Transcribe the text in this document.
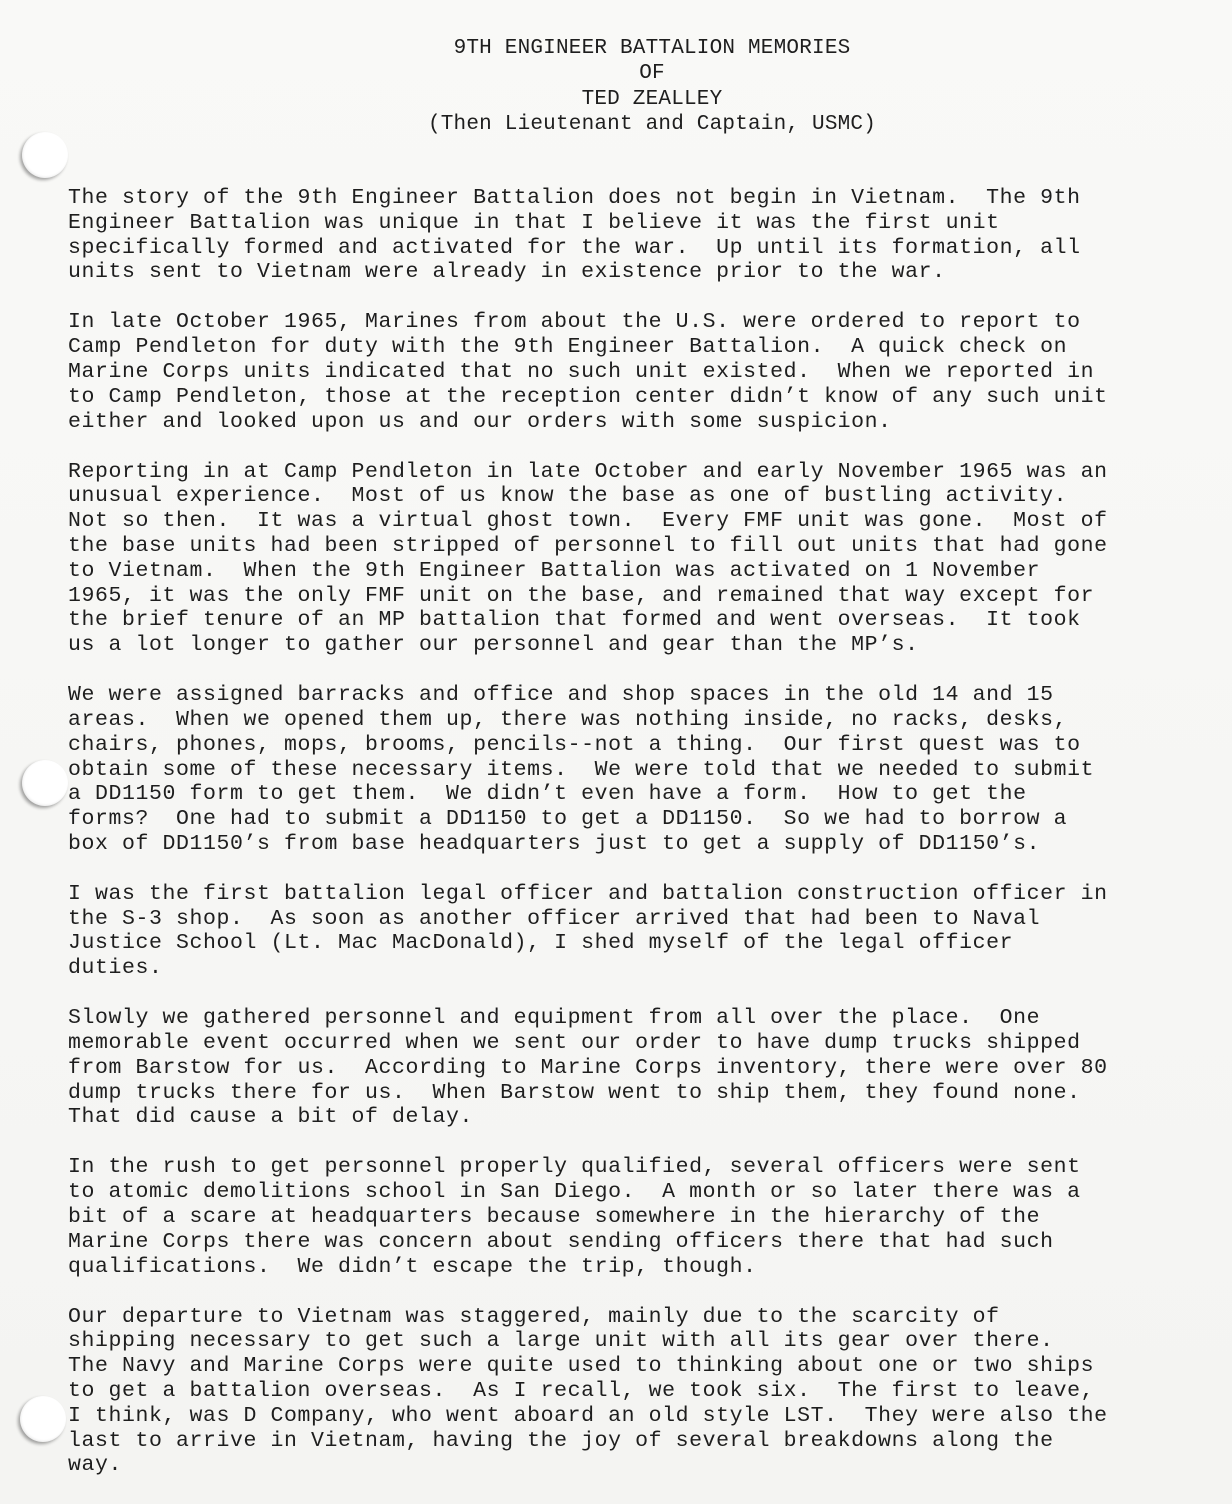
9TH ENGINEER BATTALION MEMORIES
OF
TED ZEALLEY
(Then Lieutenant and Captain, USMC)
The story of the 9th Engineer Battalion does not begin in Vietnam.  The 9th
Engineer Battalion was unique in that I believe it was the first unit
specifically formed and activated for the war.  Up until its formation, all
units sent to Vietnam were already in existence prior to the war.
In late October 1965, Marines from about the U.S. were ordered to report to
Camp Pendleton for duty with the 9th Engineer Battalion.  A quick check on
Marine Corps units indicated that no such unit existed.  When we reported in
to Camp Pendleton, those at the reception center didn’t know of any such unit
either and looked upon us and our orders with some suspicion.
Reporting in at Camp Pendleton in late October and early November 1965 was an
unusual experience.  Most of us know the base as one of bustling activity.
Not so then.  It was a virtual ghost town.  Every FMF unit was gone.  Most of
the base units had been stripped of personnel to fill out units that had gone
to Vietnam.  When the 9th Engineer Battalion was activated on 1 November
1965, it was the only FMF unit on the base, and remained that way except for
the brief tenure of an MP battalion that formed and went overseas.  It took
us a lot longer to gather our personnel and gear than the MP’s.
We were assigned barracks and office and shop spaces in the old 14 and 15
areas.  When we opened them up, there was nothing inside, no racks, desks,
chairs, phones, mops, brooms, pencils--not a thing.  Our first quest was to
obtain some of these necessary items.  We were told that we needed to submit
a DD1150 form to get them.  We didn’t even have a form.  How to get the
forms?  One had to submit a DD1150 to get a DD1150.  So we had to borrow a
box of DD1150’s from base headquarters just to get a supply of DD1150’s.
I was the first battalion legal officer and battalion construction officer in
the S-3 shop.  As soon as another officer arrived that had been to Naval
Justice School (Lt. Mac MacDonald), I shed myself of the legal officer
duties.
Slowly we gathered personnel and equipment from all over the place.  One
memorable event occurred when we sent our order to have dump trucks shipped
from Barstow for us.  According to Marine Corps inventory, there were over 80
dump trucks there for us.  When Barstow went to ship them, they found none.
That did cause a bit of delay.
In the rush to get personnel properly qualified, several officers were sent
to atomic demolitions school in San Diego.  A month or so later there was a
bit of a scare at headquarters because somewhere in the hierarchy of the
Marine Corps there was concern about sending officers there that had such
qualifications.  We didn’t escape the trip, though.
Our departure to Vietnam was staggered, mainly due to the scarcity of
shipping necessary to get such a large unit with all its gear over there.
The Navy and Marine Corps were quite used to thinking about one or two ships
to get a battalion overseas.  As I recall, we took six.  The first to leave,
I think, was D Company, who went aboard an old style LST.  They were also the
last to arrive in Vietnam, having the joy of several breakdowns along the
way.
